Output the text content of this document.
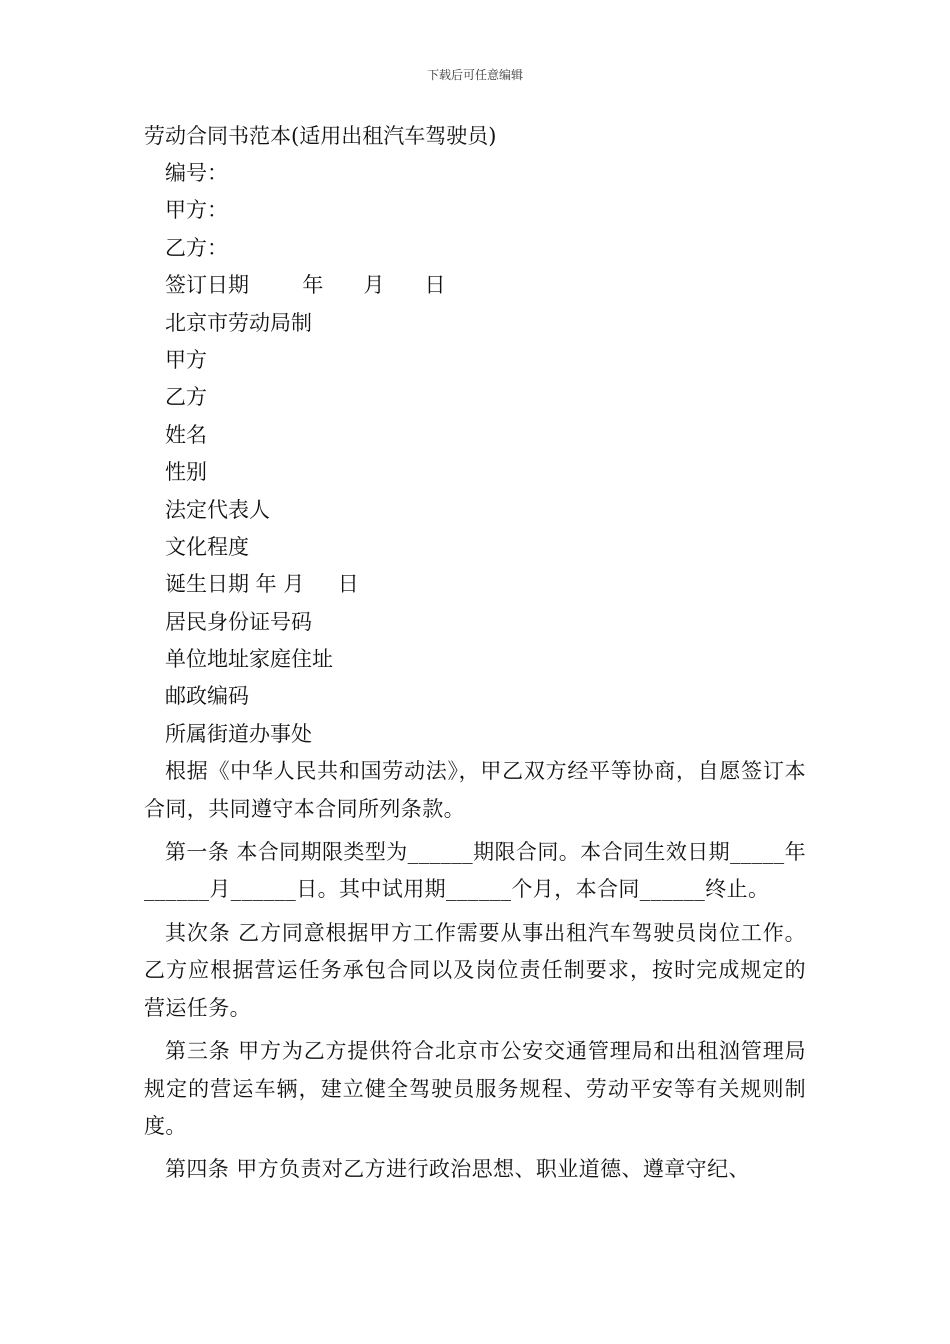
下载后可任意编辑
劳动合同书范本(适用出租汽车驾驶员)
编号：
甲方：
乙方：
签订日期        年      月      日
北京市劳动局制
甲方
乙方
姓名
性别
法定代表人
文化程度
诞生日期 年 月     日
居民身份证号码
单位地址家庭住址
邮政编码
所属街道办事处

根据《中华人民共和国劳动法》，甲乙双方经平等协商，自愿签订本合同，共同遵守本合同所列条款。

第一条 本合同期限类型为______期限合同。本合同生效日期_____年______月______日。其中试用期______个月，本合同______终止。

其次条 乙方同意根据甲方工作需要从事出租汽车驾驶员岗位工作。乙方应根据营运任务承包合同以及岗位责任制要求，按时完成规定的营运任务。

第三条 甲方为乙方提供符合北京市公安交通管理局和出租汹管理局规定的营运车辆，建立健全驾驶员服务规程、劳动平安等有关规则制度。

第四条 甲方负责对乙方进行政治思想、职业道德、遵章守纪、
